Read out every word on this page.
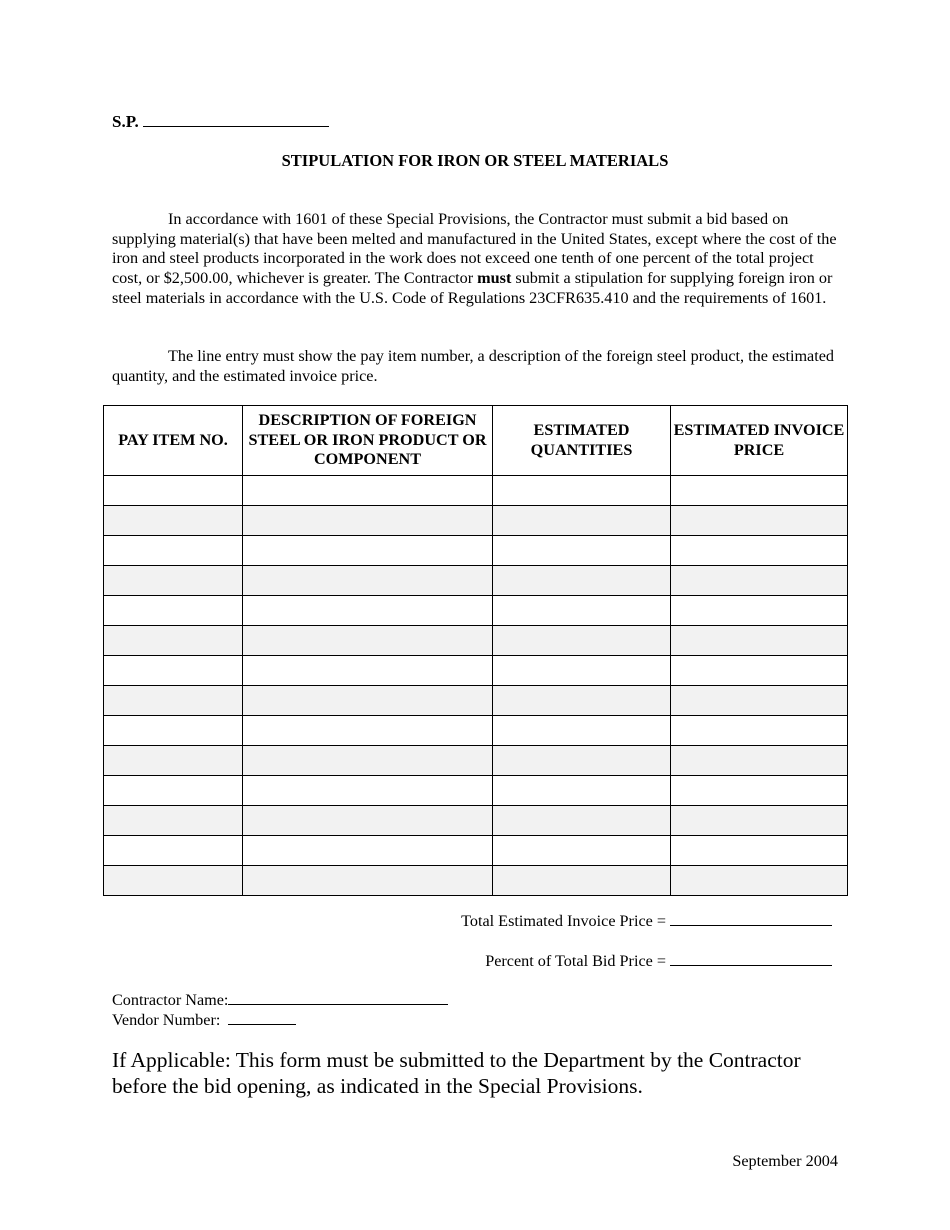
S.P.
STIPULATION FOR IRON OR STEEL MATERIALS

In accordance with 1601 of these Special Provisions, the Contractor must submit a bid based on supplying material(s) that have been melted and manufactured in the United States, except where the cost of the iron and steel products incorporated in the work does not exceed one tenth of one percent of the total project cost, or $2,500.00, whichever is greater. The Contractor must submit a stipulation for supplying foreign iron or steel materials in accordance with the U.S. Code of Regulations 23CFR635.410 and the requirements of 1601.

The line entry must show the pay item number, a description of the foreign steel product, the estimated quantity, and the estimated invoice price.

PAY ITEM NO.	DESCRIPTION OF FOREIGN STEEL OR IRON PRODUCT OR COMPONENT	ESTIMATED QUANTITIES	ESTIMATED INVOICE PRICE

Total Estimated Invoice Price =
Percent of Total Bid Price =
Contractor Name:
Vendor Number:

If Applicable: This form must be submitted to the Department by the Contractor before the bid opening, as indicated in the Special Provisions.

September 2004
